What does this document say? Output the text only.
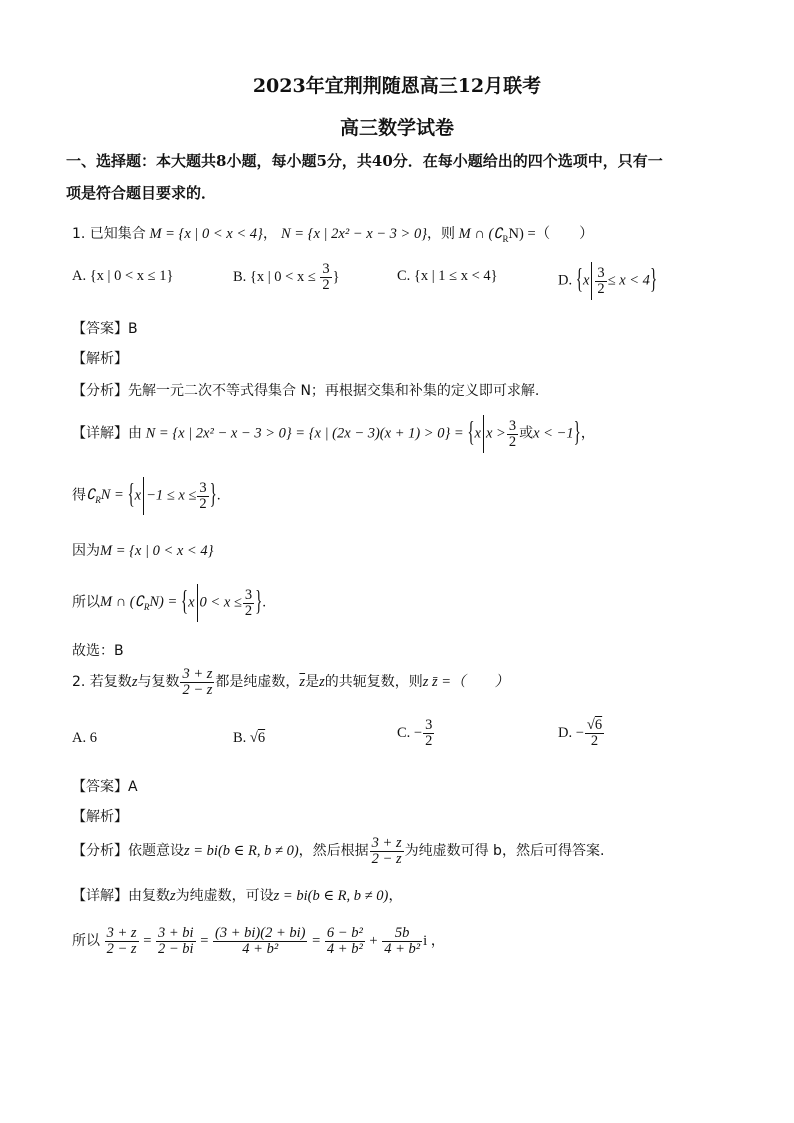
2023年宜荆荆随恩高三12月联考
高三数学试卷
一、选择题：本大题共8小题，每小题5分，共40分．在每小题给出的四个选项中，只有一
项是符合题目要求的．
1. 已知集合 M = {x | 0 < x < 4}， N = {x | 2x² − x − 3 > 0}，则 M ∩ $(∁_RN)$ =（　　）
A. {x | 0 < x ≤ 1}	B. {x | $0 < x \le \frac{3}{2}$ }	C. {x | 1 ≤ x < 4}	D. $\{x \frac{3}{2} \le x < 4\}$
【答案】B
【解析】
【分析】先解一元二次不等式得集合 N；再根据交集和补集的定义即可求解.
【详解】由 N = {x | 2x² − x − 3 > 0} = {x | (2x − 3)(x + 1) > 0} = {x $x > \frac{3}{2}$ 或x < −1}，
得$∁_RN = \{x -1 \le x \le \frac{3}{2}$ }.
因为M = {x | 0 < x < 4}
所以M ∩ $(∁_RN) = \{x$ $0 < x \le \frac{3}{2}$ }.
故选：B
2. 若复数z与复数 $\frac{3 + z}{2 - z}$ 都是纯虚数，$\overline{z}$是z的共轭复数，则z z̄ =（　　）
A. 6	B. √6	C. − $\frac{3}{2}$	D. − $\frac{√6}{2}$
【答案】A
【解析】
【分析】依题意设z = bi(b ∈ R, b ≠ 0)，然后根据 $\frac{3 + z}{2 - z}$ 为纯虚数可得 b，然后可得答案.
【详解】由复数z为纯虚数，可设z = bi(b ∈ R, b ≠ 0)，
所以 $\frac{3 + z}{2 - z} = \frac{3 + bi}{2 - bi} = \frac{(3 + bi)(2 + bi)}{\text{4 + b²}} = \frac{\text{6 − b²}}{\text{4 + b²}} + \frac{5b}{\text{4 + b²}}$ i ，
